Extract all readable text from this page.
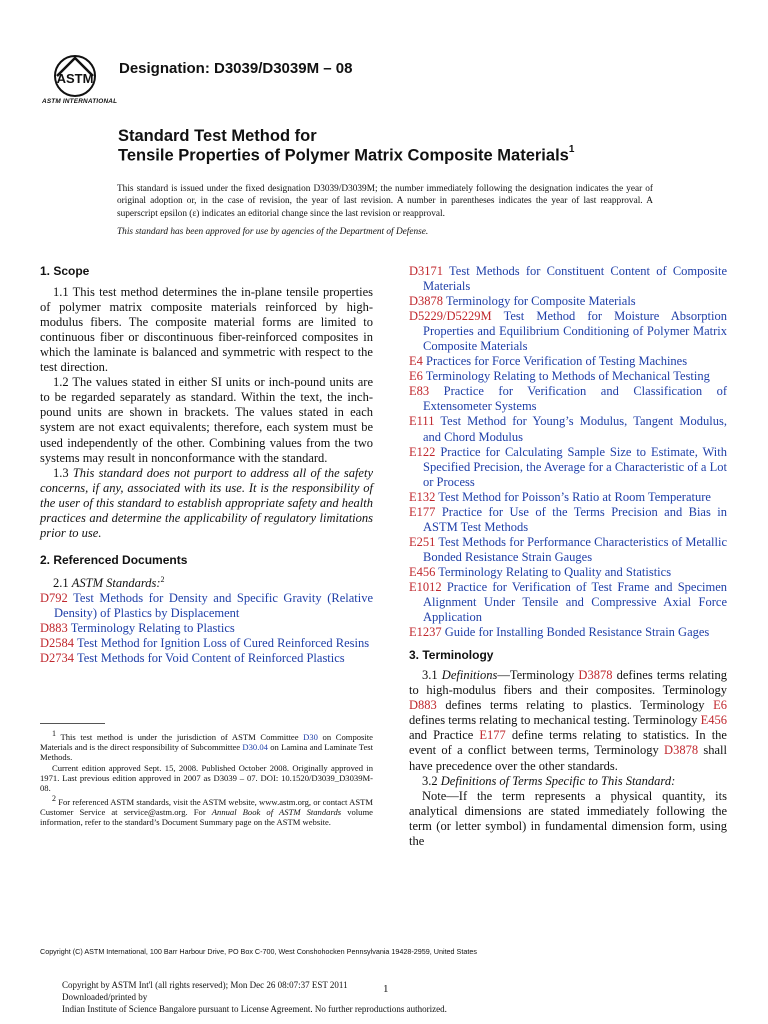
ASTM
ASTM INTERNATIONAL
Designation: D3039/D3039M – 08
Standard Test Method for
Tensile Properties of Polymer Matrix Composite Materials$^1$
This standard is issued under the fixed designation D3039/D3039M; the number immediately following the designation indicates the year of original adoption or, in the case of revision, the year of last revision. A number in parentheses indicates the year of last reapproval. A superscript epsilon (ε) indicates an editorial change since the last revision or reapproval.
This standard has been approved for use by agencies of the Department of Defense.

1. Scope

1.1 This test method determines the in-plane tensile properties of polymer matrix composite materials reinforced by high-modulus fibers. The composite material forms are limited to continuous fiber or discontinuous fiber-reinforced composites in which the laminate is balanced and symmetric with respect to the test direction.

1.2 The values stated in either SI units or inch-pound units are to be regarded separately as standard. Within the text, the inch-pound units are shown in brackets. The values stated in each system are not exact equivalents; therefore, each system must be used independently of the other. Combining values from the two systems may result in nonconformance with the standard.

1.3 This standard does not purport to address all of the safety concerns, if any, associated with its use. It is the responsibility of the user of this standard to establish appropriate safety and health practices and determine the applicability of regulatory limitations prior to use.

2. Referenced Documents

2.1 ASTM Standards:$^2$

D792 Test Methods for Density and Specific Gravity (Relative Density) of Plastics by Displacement

D883 Terminology Relating to Plastics

D2584 Test Method for Ignition Loss of Cured Reinforced Resins

D2734 Test Methods for Void Content of Reinforced Plastics

$^1$ This test method is under the jurisdiction of ASTM Committee D30 on Composite Materials and is the direct responsibility of Subcommittee D30.04 on Lamina and Laminate Test Methods.

Current edition approved Sept. 15, 2008. Published October 2008. Originally approved in 1971. Last previous edition approved in 2007 as D3039 – 07. DOI: 10.1520/D3039_D3039M-08.

$^2$ For referenced ASTM standards, visit the ASTM website, www.astm.org, or contact ASTM Customer Service at service@astm.org. For Annual Book of ASTM Standards volume information, refer to the standard’s Document Summary page on the ASTM website.

D3171 Test Methods for Constituent Content of Composite Materials

D3878 Terminology for Composite Materials

D5229/D5229M Test Method for Moisture Absorption Properties and Equilibrium Conditioning of Polymer Matrix Composite Materials

E4 Practices for Force Verification of Testing Machines

E6 Terminology Relating to Methods of Mechanical Testing

E83 Practice for Verification and Classification of Extensometer Systems

E111 Test Method for Young’s Modulus, Tangent Modulus, and Chord Modulus

E122 Practice for Calculating Sample Size to Estimate, With Specified Precision, the Average for a Characteristic of a Lot or Process

E132 Test Method for Poisson’s Ratio at Room Temperature

E177 Practice for Use of the Terms Precision and Bias in ASTM Test Methods

E251 Test Methods for Performance Characteristics of Metallic Bonded Resistance Strain Gauges

E456 Terminology Relating to Quality and Statistics

E1012 Practice for Verification of Test Frame and Specimen Alignment Under Tensile and Compressive Axial Force Application

E1237 Guide for Installing Bonded Resistance Strain Gages

3. Terminology

3.1 Definitions—Terminology D3878 defines terms relating to high-modulus fibers and their composites. Terminology D883 defines terms relating to plastics. Terminology E6 defines terms relating to mechanical testing. Terminology E456 and Practice E177 define terms relating to statistics. In the event of a conflict between terms, Terminology D3878 shall have precedence over the other standards.

3.2 Definitions of Terms Specific to This Standard:

Note—If the term represents a physical quantity, its analytical dimensions are stated immediately following the term (or letter symbol) in fundamental dimension form, using the

Copyright (C) ASTM International, 100 Barr Harbour Drive, PO Box C-700, West Conshohocken Pennsylvania 19428-2959, United States
Copyright by ASTM Int'l (all rights reserved); Mon Dec 26 08:07:37 EST 2011
Downloaded/printed by
Indian Institute of Science Bangalore pursuant to License Agreement. No further reproductions authorized.
1
